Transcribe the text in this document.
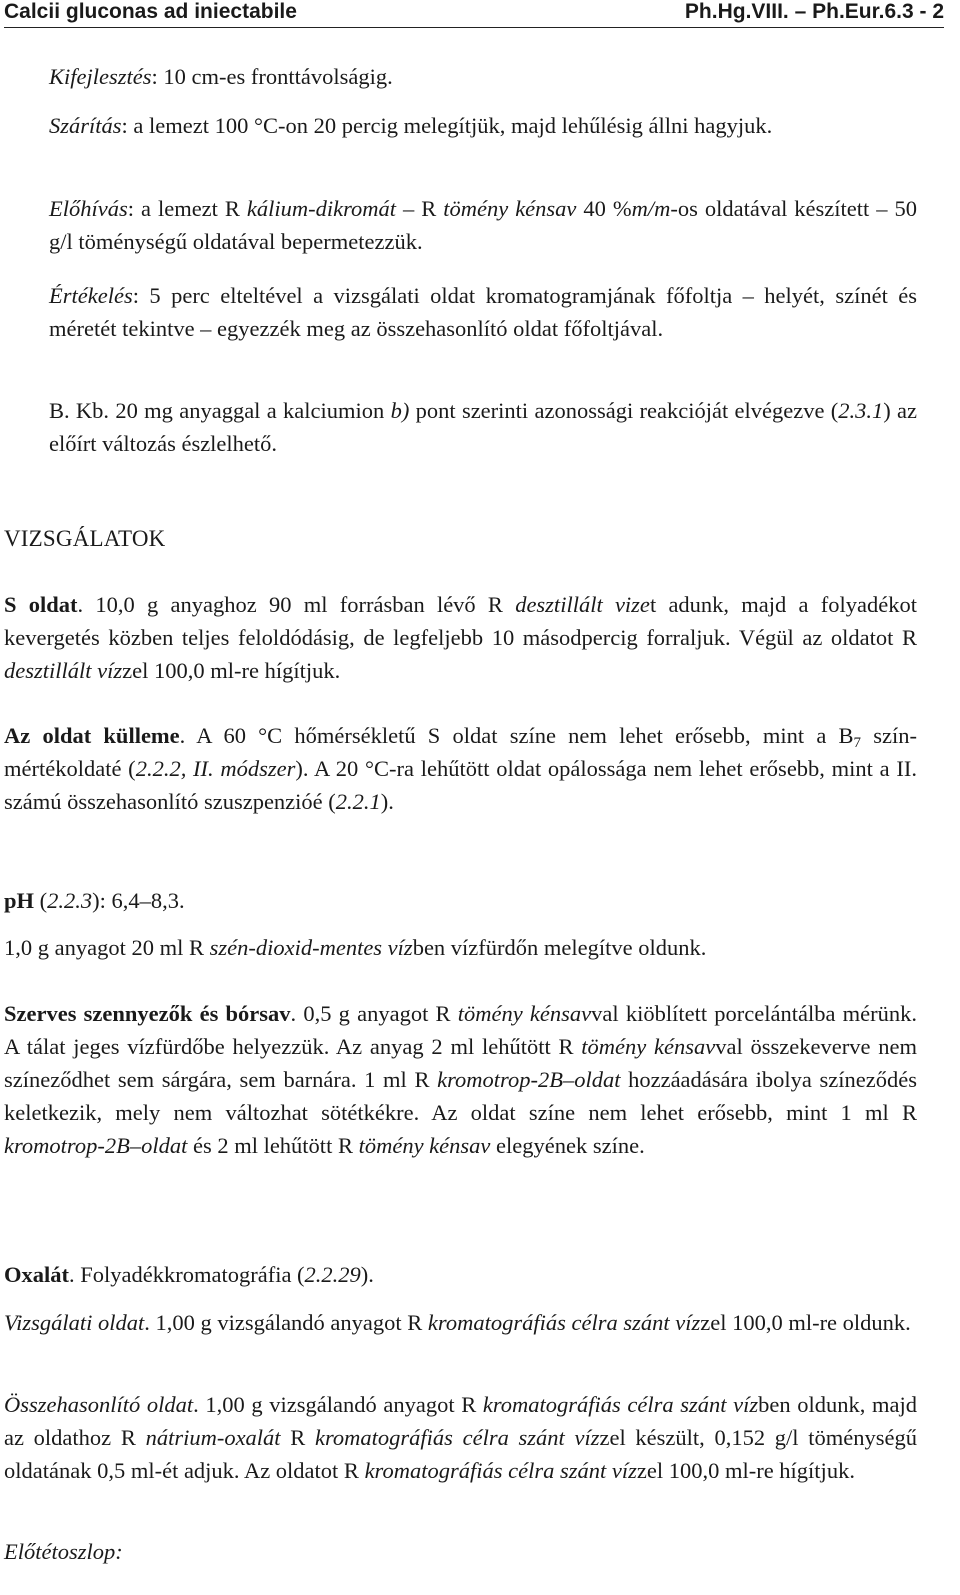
Calcii gluconas ad iniectabile	Ph.Hg.VIII. – Ph.Eur.6.3 - 2

Kifejlesztés: 10 cm-es fronttávolságig.

Szárítás: a lemezt 100 °C-on 20 percig melegítjük, majd lehűlésig állni hagyjuk.

Előhívás: a lemezt R kálium-dikromát – R tömény kénsav 40 %m/m-os oldatával készített – 50 g/l töménységű oldatával bepermetezzük.

Értékelés: 5 perc elteltével a vizsgálati oldat kromatogramjának főfoltja – helyét, színét és méretét tekintve – egyezzék meg az összehasonlító oldat főfoltjával.

B. Kb. 20 mg anyaggal a kalciumion b) pont szerinti azonossági reakcióját elvégezve (2.3.1) az előírt változás észlelhető.

VIZSGÁLATOK

S oldat. 10,0 g anyaghoz 90 ml forrásban lévő R desztillált vizet adunk, majd a folyadékot kevergetés közben teljes feloldódásig, de legfeljebb 10 másodpercig forraljuk. Végül az oldatot R desztillált vízzel 100,0 ml-re hígítjuk.

Az oldat külleme. A 60 °C hőmérsékletű S oldat színe nem lehet erősebb, mint a $B_7$ szín-mértékoldaté (2.2.2, II. módszer). A 20 °C-ra lehűtött oldat opálossága nem lehet erősebb, mint a II. számú összehasonlító szuszpenzióé (2.2.1).

pH (2.2.3): 6,4–8,3.

1,0 g anyagot 20 ml R szén-dioxid-mentes vízben vízfürdőn melegítve oldunk.

Szerves szennyezők és bórsav. 0,5 g anyagot R tömény kénsavval kiöblített porcelántálba mérünk. A tálat jeges vízfürdőbe helyezzük. Az anyag 2 ml lehűtött R tömény kénsavval összekeverve nem színeződhet sem sárgára, sem barnára. 1 ml R kromotrop-2B–oldat hozzáadására ibolya színeződés keletkezik, mely nem változhat sötétkékre. Az oldat színe nem lehet erősebb, mint 1 ml R kromotrop-2B–oldat és 2 ml lehűtött R tömény kénsav elegyének színe.

Oxalát. Folyadékkromatográfia (2.2.29).

Vizsgálati oldat. 1,00 g vizsgálandó anyagot R kromatográfiás célra szánt vízzel 100,0 ml-re oldunk.

Összehasonlító oldat. 1,00 g vizsgálandó anyagot R kromatográfiás célra szánt vízben oldunk, majd az oldathoz R nátrium-oxalát R kromatográfiás célra szánt vízzel készült, 0,152 g/l töménységű oldatának 0,5 ml-ét adjuk. Az oldatot R kromatográfiás célra szánt vízzel 100,0 ml-re hígítjuk.

Előtétoszlop:
